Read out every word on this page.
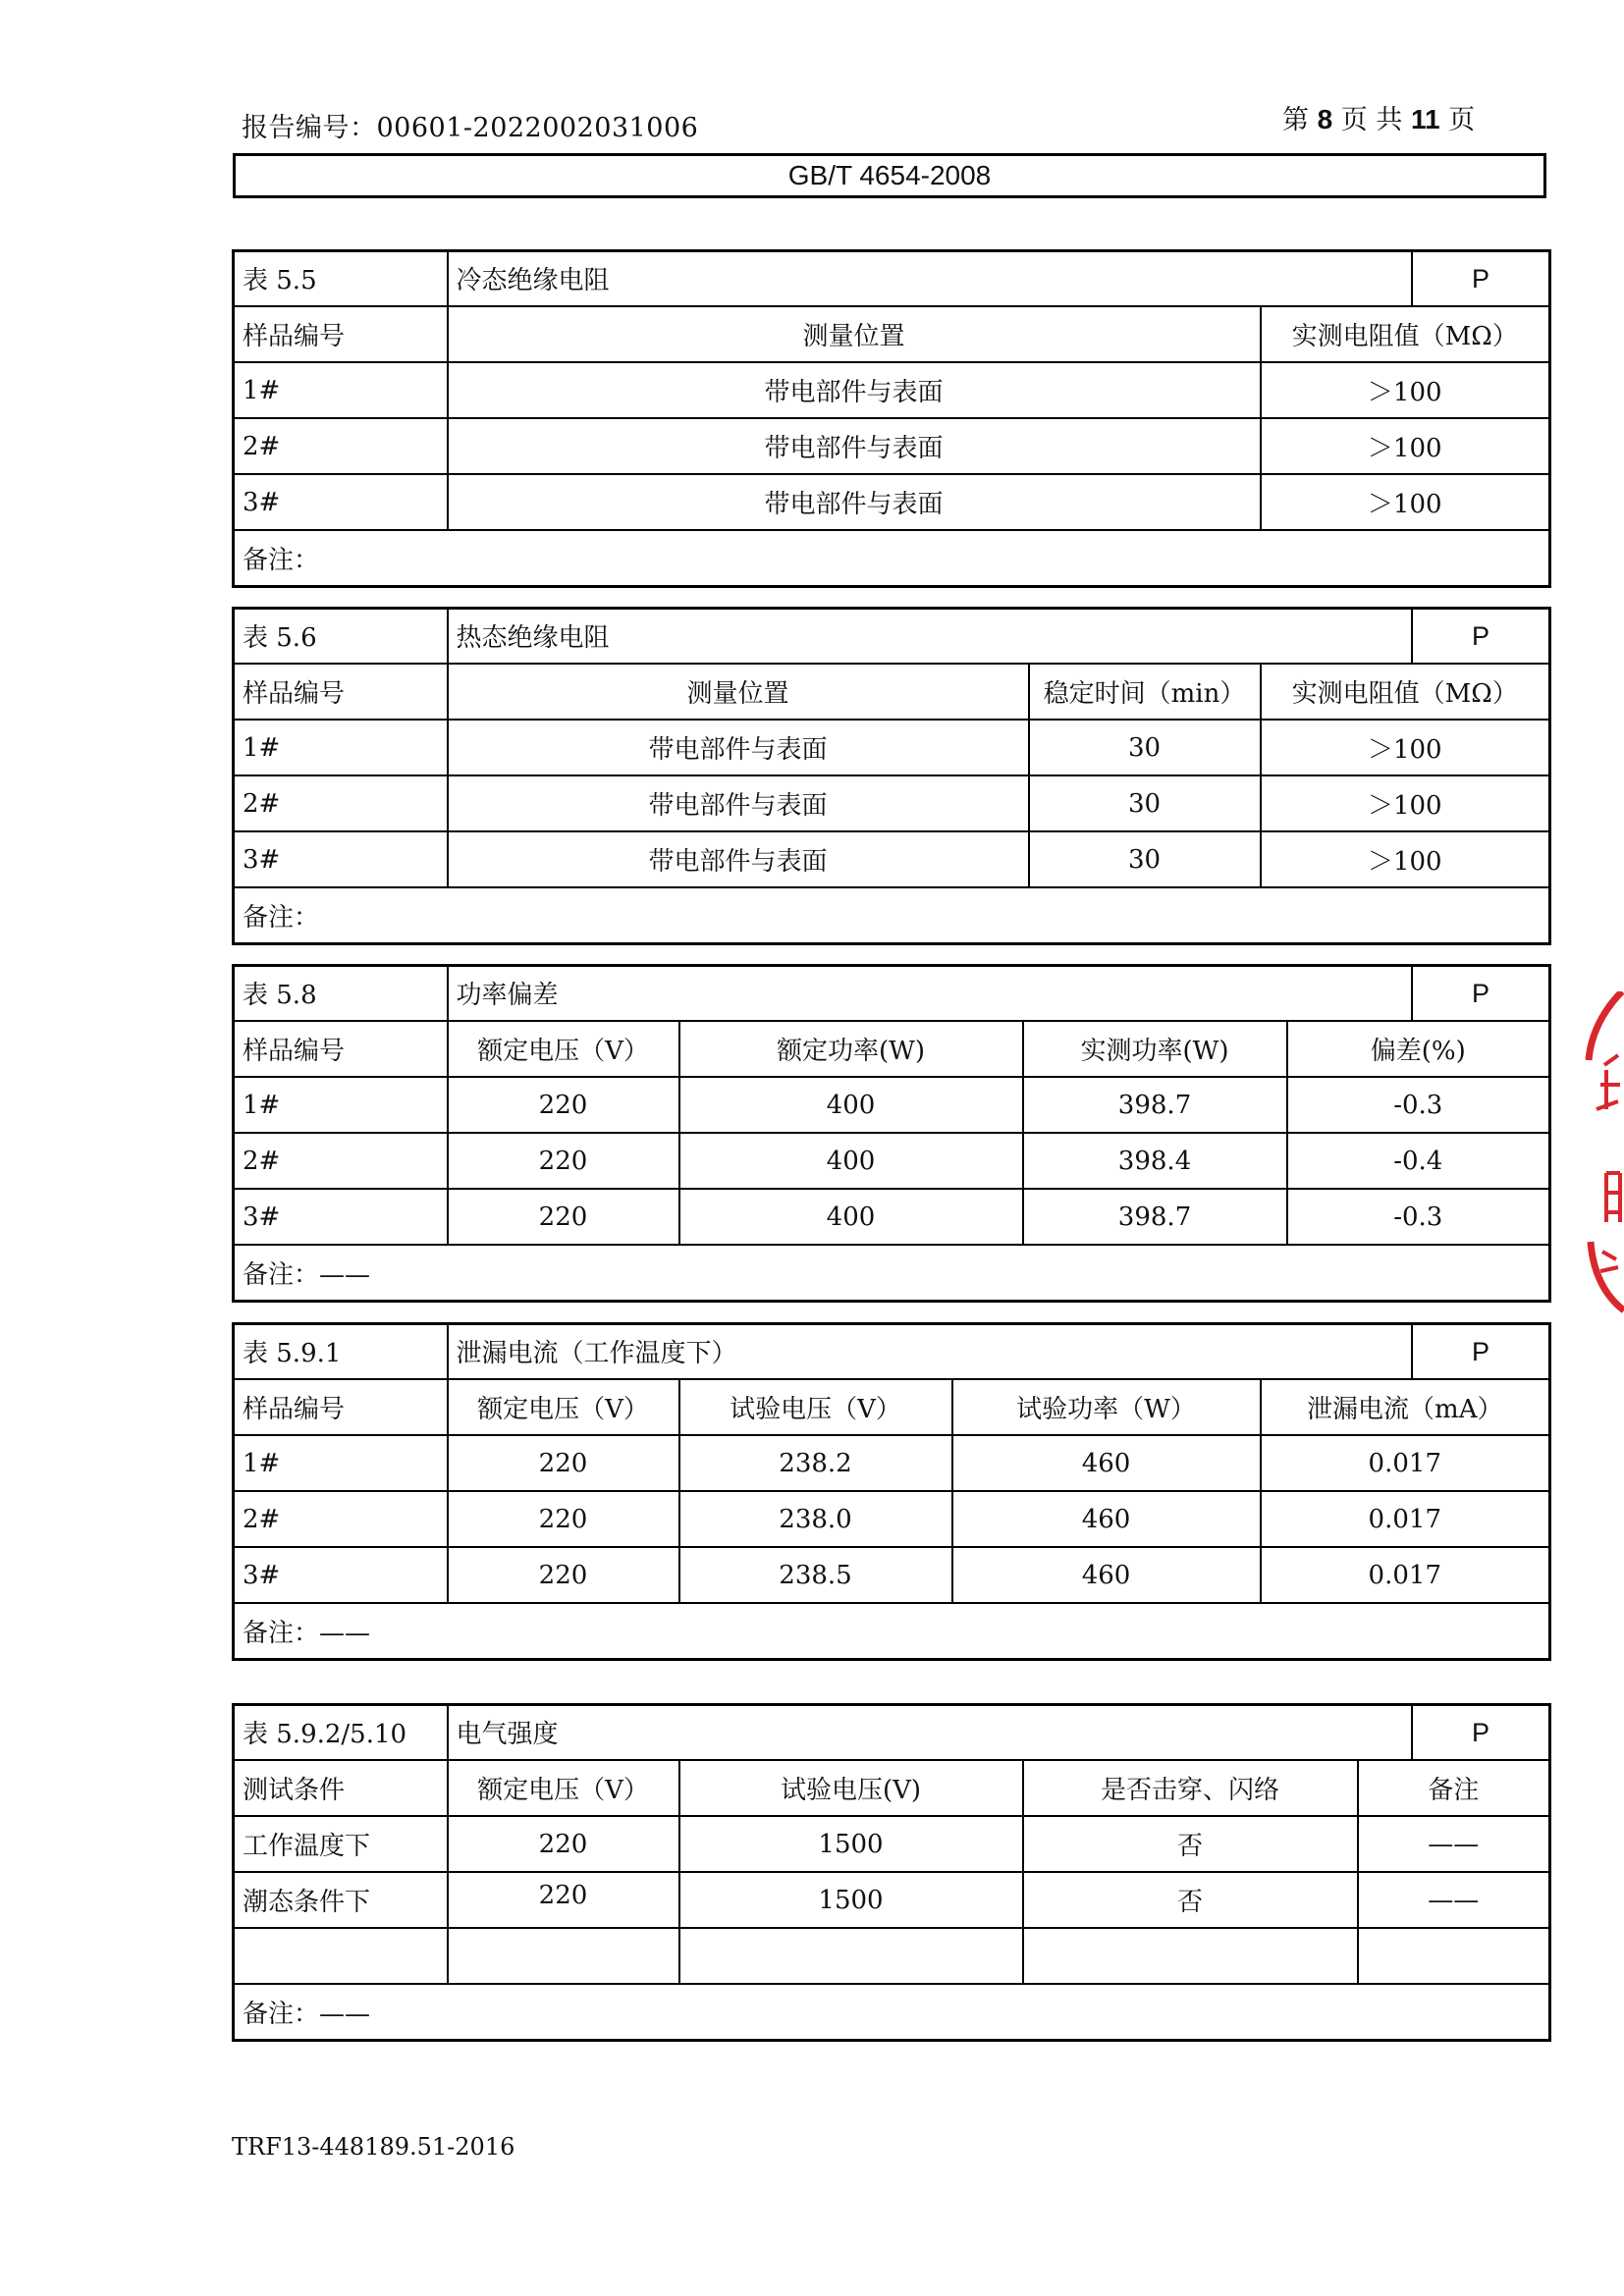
报告编号：00601-2022002031006	第 8 页 共 11 页
GB/T 4654-2008
表 5.5	冷态绝缘电阻	P

样品编号	测量位置	实测电阻值（MΩ）
1#	带电部件与表面	＞100
2#	带电部件与表面	＞100
3#	带电部件与表面	＞100
备注：		
表 5.6	热态绝缘电阻		P

样品编号	测量位置	稳定时间（min）	实测电阻值（MΩ）
1#	带电部件与表面	30	＞100
2#	带电部件与表面	30	＞100
3#	带电部件与表面	30	＞100
备注：			
表 5.8	功率偏差			P

样品编号	额定电压（V）	额定功率(W)	实测功率(W)	偏差(%)
1#	220	400	398.7	-0.3
2#	220	400	398.4	-0.4
3#	220	400	398.7	-0.3
备注：——				
表 5.9.1	泄漏电流（工作温度下）			P

样品编号	额定电压（V）	试验电压（V）	试验功率（W）	泄漏电流（mA）
1#	220	238.2	460	0.017
2#	220	238.0	460	0.017
3#	220	238.5	460	0.017
备注：——				
表 5.9.2/5.10	电气强度			P

测试条件	额定电压（V）	试验电压(V)	是否击穿、闪络	备注
工作温度下	220	1500	否	——
潮态条件下	220	1500	否	——

备注：——				
TRF13-448189.51-2016
